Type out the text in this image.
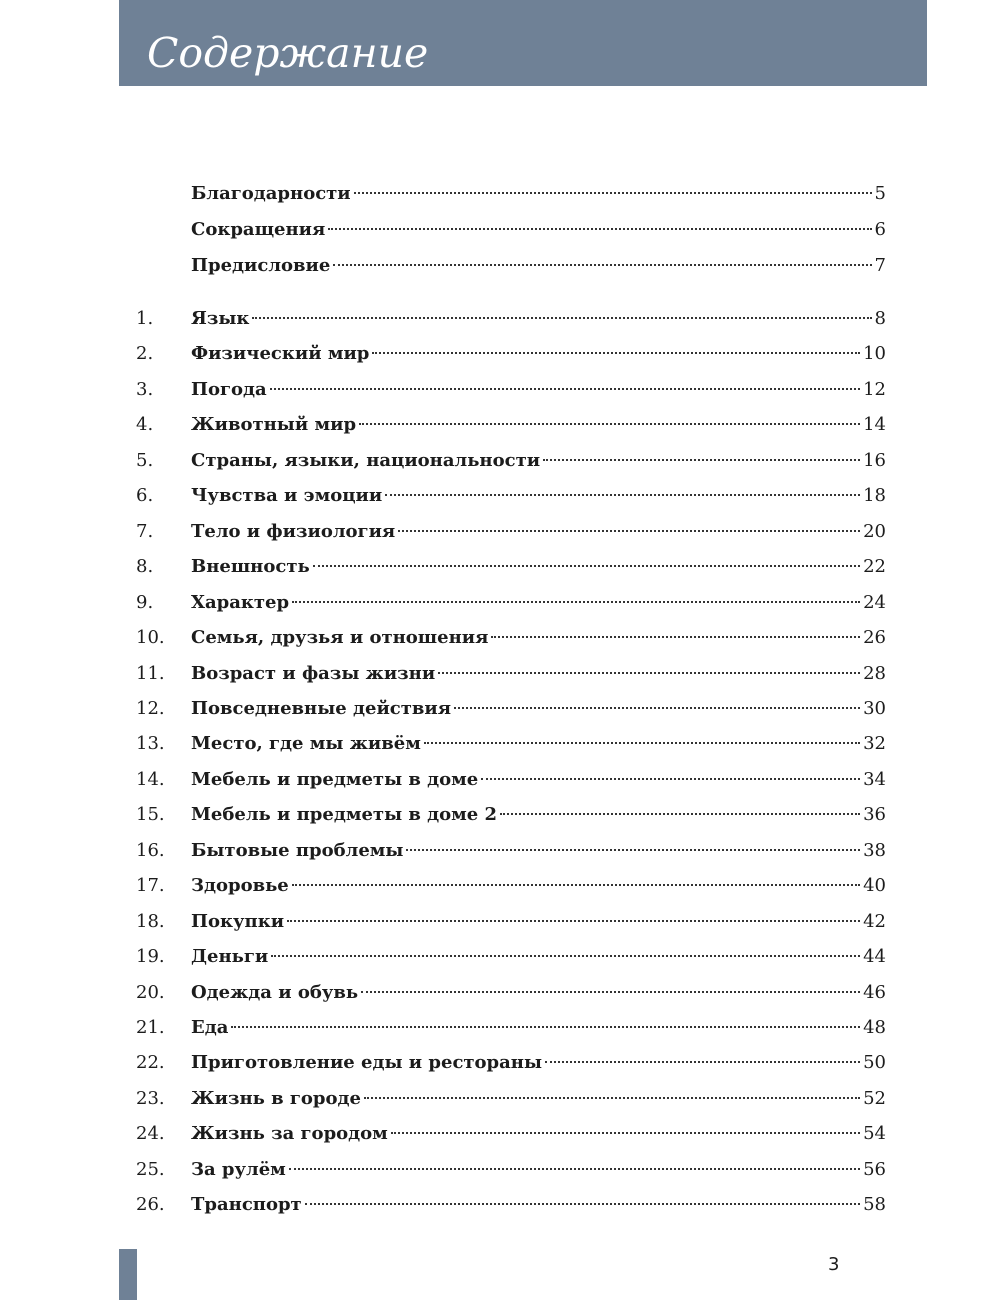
Содержание
Благодарности	5
Сокращения	6
Предисловие	7
1. Язык	8
2. Физический мир	10
3. Погода	12
4. Животный мир	14
5. Страны, языки, национальности	16
6. Чувства и эмоции	18
7. Тело и физиология	20
8. Внешность	22
9. Характер	24
10. Семья, друзья и отношения	26
11. Возраст и фазы жизни	28
12. Повседневные действия	30
13. Место, где мы живём	32
14. Мебель и предметы в доме	34
15. Мебель и предметы в доме 2	36
16. Бытовые проблемы	38
17. Здоровье	40
18. Покупки	42
19. Деньги	44
20. Одежда и обувь	46
21. Еда	48
22. Приготовление еды и рестораны	50
23. Жизнь в городе	52
24. Жизнь за городом	54
25. За рулём	56
26. Транспорт	58
3
